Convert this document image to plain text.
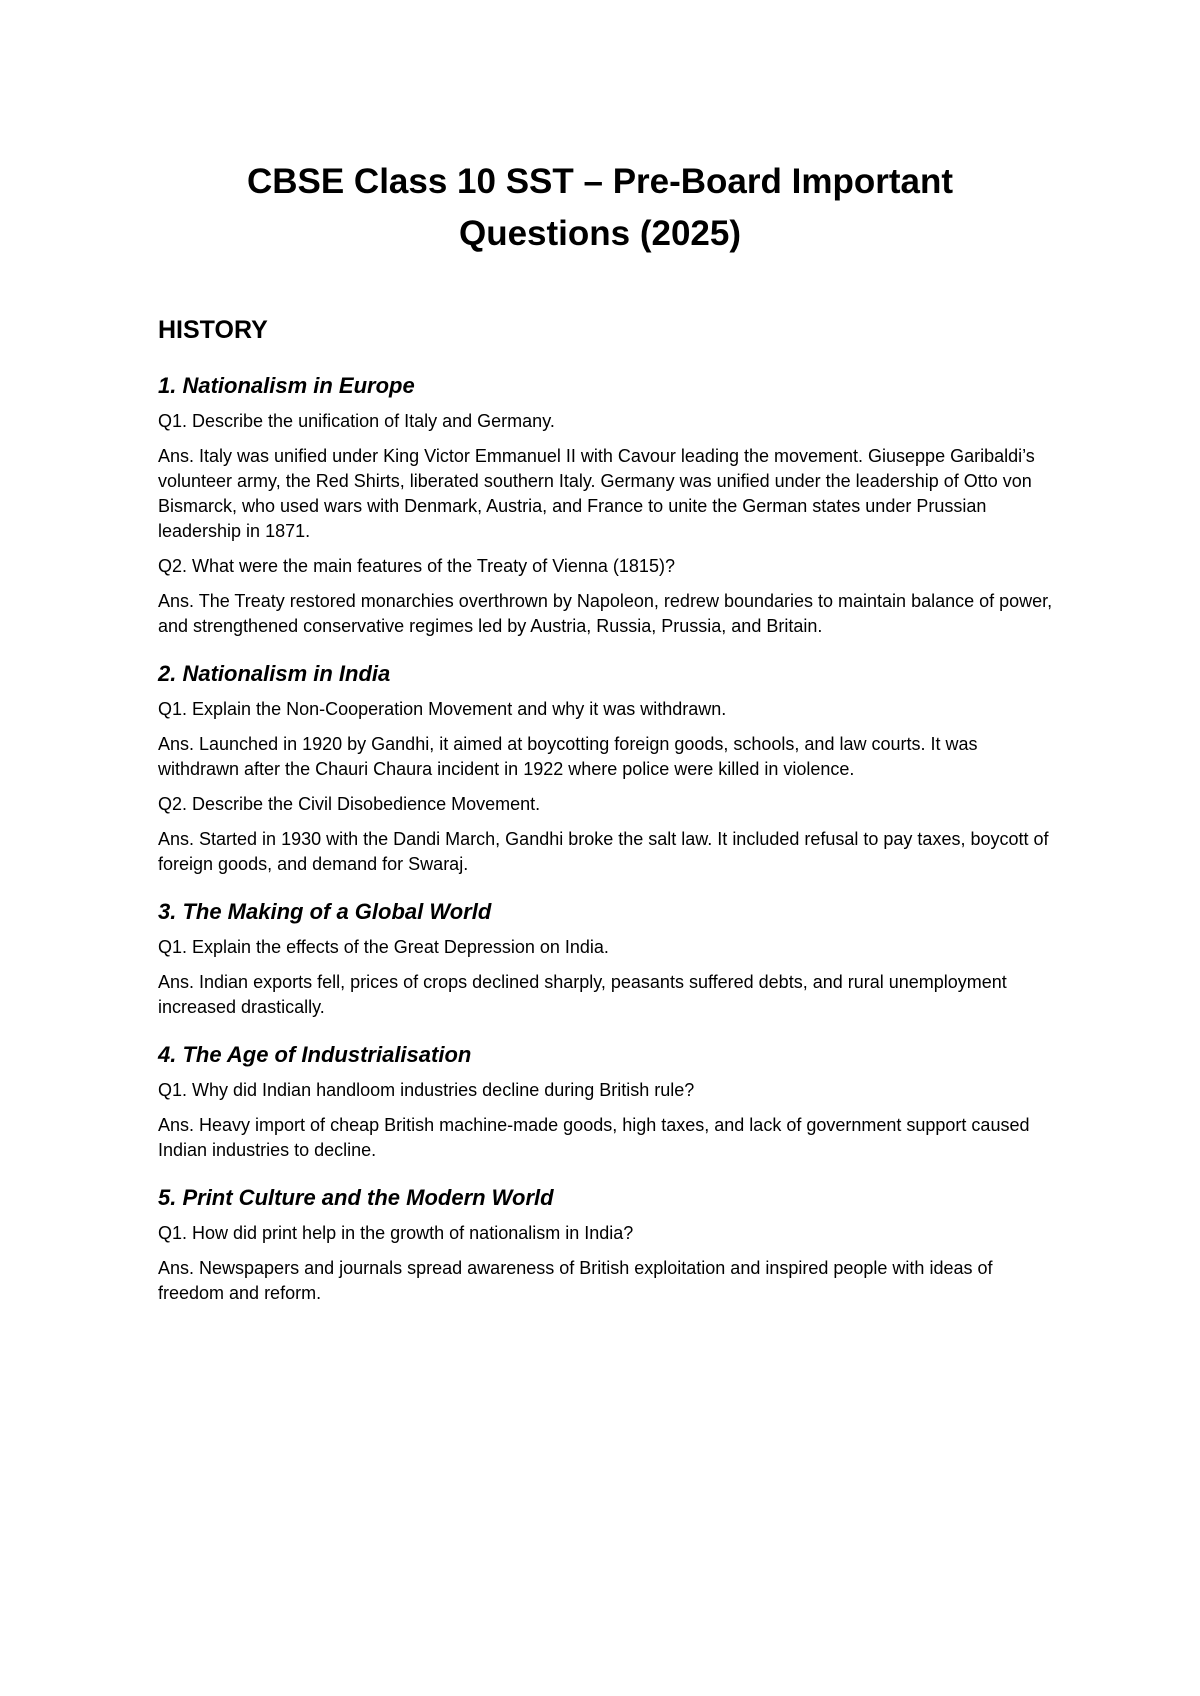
CBSE Class 10 SST – Pre-Board Important
Questions (2025)
HISTORY
1. Nationalism in Europe

Q1. Describe the unification of Italy and Germany.

Ans. Italy was unified under King Victor Emmanuel II with Cavour leading the movement. Giuseppe Garibaldi’s volunteer army, the Red Shirts, liberated southern Italy. Germany was unified under the leadership of Otto von Bismarck, who used wars with Denmark, Austria, and France to unite the German states under Prussian leadership in 1871.

Q2. What were the main features of the Treaty of Vienna (1815)?

Ans. The Treaty restored monarchies overthrown by Napoleon, redrew boundaries to maintain balance of power, and strengthened conservative regimes led by Austria, Russia, Prussia, and Britain.

2. Nationalism in India

Q1. Explain the Non-Cooperation Movement and why it was withdrawn.

Ans. Launched in 1920 by Gandhi, it aimed at boycotting foreign goods, schools, and law courts. It was withdrawn after the Chauri Chaura incident in 1922 where police were killed in violence.

Q2. Describe the Civil Disobedience Movement.

Ans. Started in 1930 with the Dandi March, Gandhi broke the salt law. It included refusal to pay taxes, boycott of foreign goods, and demand for Swaraj.

3. The Making of a Global World

Q1. Explain the effects of the Great Depression on India.

Ans. Indian exports fell, prices of crops declined sharply, peasants suffered debts, and rural unemployment increased drastically.

4. The Age of Industrialisation

Q1. Why did Indian handloom industries decline during British rule?

Ans. Heavy import of cheap British machine-made goods, high taxes, and lack of government support caused Indian industries to decline.

5. Print Culture and the Modern World

Q1. How did print help in the growth of nationalism in India?

Ans. Newspapers and journals spread awareness of British exploitation and inspired people with ideas of freedom and reform.
